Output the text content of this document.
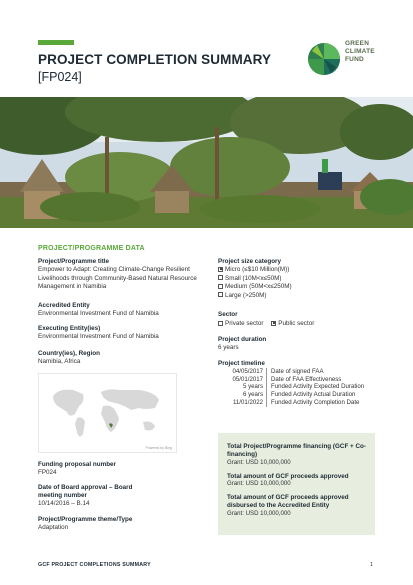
PROJECT COMPLETION SUMMARY
[FP024]
GREEN
CLIMATE
FUND
PROJECT/PROGRAMME DATA
Project/Programme title
Empower to Adapt: Creating Climate-Change Resilient Livelihoods through Community-Based Natural Resource Management in Namibia
Accredited Entity
Environmental Investment Fund of Namibia
Executing Entity(ies)
Environmental Investment Fund of Namibia
Country(ies), Region
Namibia, Africa
Powered by Bing
Funding proposal number
FP024
Date of Board approval – Board meeting number
10/14/2016 – B.14
Project/Programme theme/Type
Adaptation
Project size category
Micro (≤$10 Million(M))
Small (10M<x≤50M)
Medium (50M<x≤250M)
Large (>250M)
Sector
Private sector Public sector
Project duration
6 years
Project timeline
04/05/2017	Date of signed FAA
05/01/2017	Date of FAA Effectiveness
5 years	Funded Activity Expected Duration
6 years	Funded Activity Actual Duration
11/01/2022	Funded Activity Completion Date
Total Project/Programme financing (GCF + Co-financing)
Grant: USD 10,000,000
Total amount of GCF proceeds approved
Grant: USD 10,000,000
Total amount of GCF proceeds approved disbursed to the Accredited Entity
Grant: USD 10,000,000
GCF PROJECT COMPLETIONS SUMMARY	1
